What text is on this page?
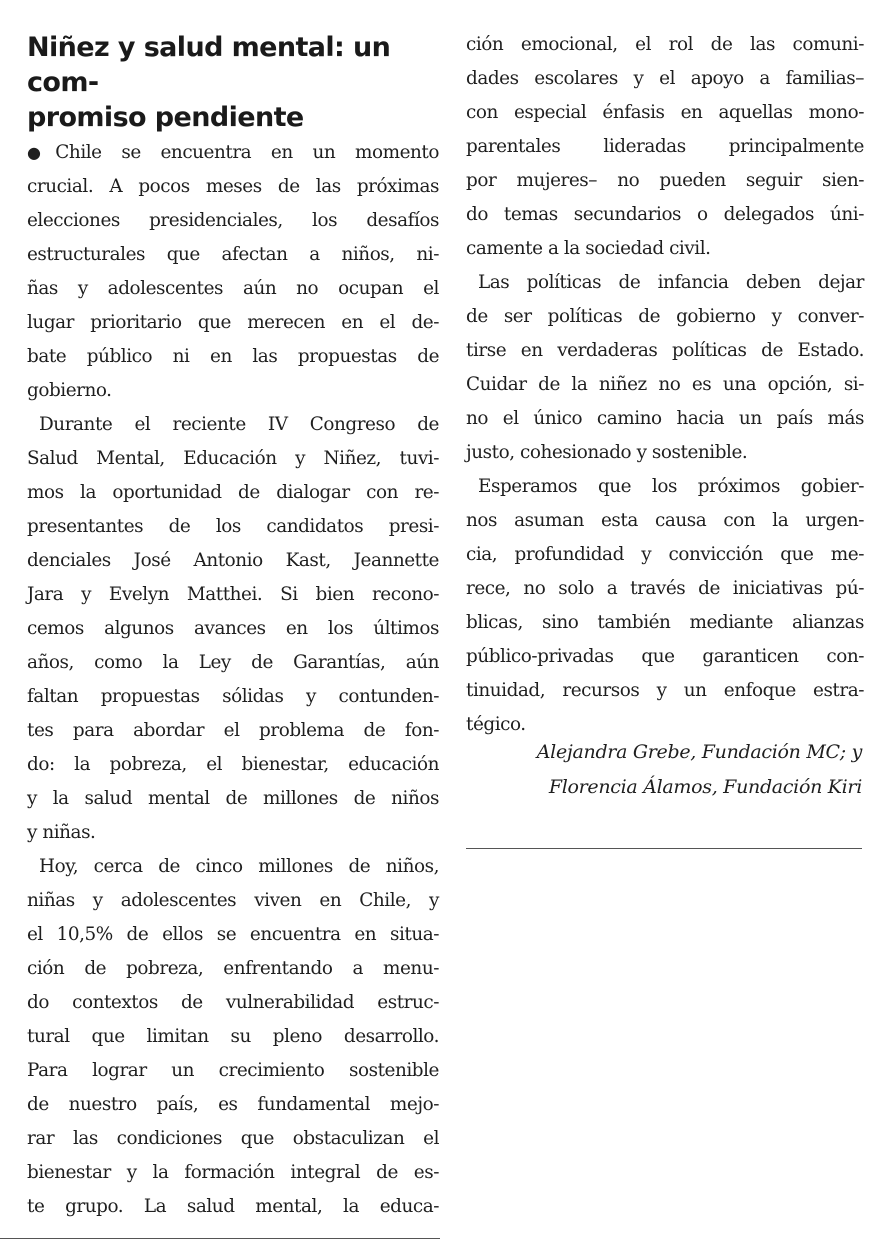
Niñez y salud mental: un com-
promiso pendiente
●Chile se encuentra en un momento
crucial. A pocos meses de las próximas
elecciones presidenciales, los desafíos
estructurales que afectan a niños, ni-
ñas y adolescentes aún no ocupan el
lugar prioritario que merecen en el de-
bate público ni en las propuestas de
gobierno.
Durante el reciente IV Congreso de
Salud Mental, Educación y Niñez, tuvi-
mos la oportunidad de dialogar con re-
presentantes de los candidatos presi-
denciales José Antonio Kast, Jeannette
Jara y Evelyn Matthei. Si bien recono-
cemos algunos avances en los últimos
años, como la Ley de Garantías, aún
faltan propuestas sólidas y contunden-
tes para abordar el problema de fon-
do: la pobreza, el bienestar, educación
y la salud mental de millones de niños
y niñas.
Hoy, cerca de cinco millones de niños,
niñas y adolescentes viven en Chile, y
el 10,5% de ellos se encuentra en situa-
ción de pobreza, enfrentando a menu-
do contextos de vulnerabilidad estruc-
tural que limitan su pleno desarrollo.
Para lograr un crecimiento sostenible
de nuestro país, es fundamental mejo-
rar las condiciones que obstaculizan el
bienestar y la formación integral de es-
te grupo. La salud mental, la educa-
ción emocional, el rol de las comuni-
dades escolares y el apoyo a familias–
con especial énfasis en aquellas mono-
parentales lideradas principalmente
por mujeres– no pueden seguir sien-
do temas secundarios o delegados úni-
camente a la sociedad civil.
Las políticas de infancia deben dejar
de ser políticas de gobierno y conver-
tirse en verdaderas políticas de Estado.
Cuidar de la niñez no es una opción, si-
no el único camino hacia un país más
justo, cohesionado y sostenible.
Esperamos que los próximos gobier-
nos asuman esta causa con la urgen-
cia, profundidad y convicción que me-
rece, no solo a través de iniciativas pú-
blicas, sino también mediante alianzas
público-privadas que garanticen con-
tinuidad, recursos y un enfoque estra-
tégico.
Alejandra Grebe, Fundación MC; y
Florencia Álamos, Fundación Kiri
